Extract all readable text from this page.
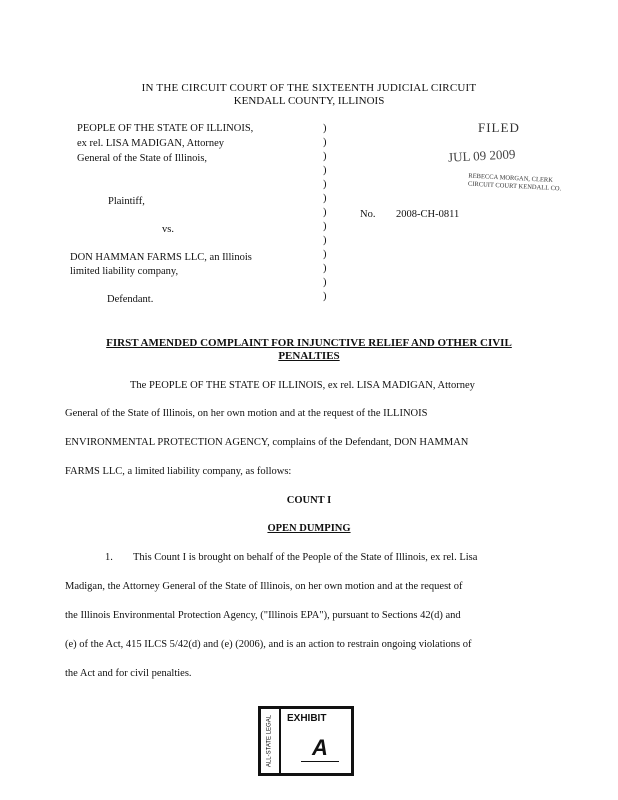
IN THE CIRCUIT COURT OF THE SIXTEENTH JUDICIAL CIRCUIT
KENDALL COUNTY, ILLINOIS
PEOPLE OF THE STATE OF ILLINOIS,
ex rel. LISA MADIGAN, Attorney
General of the State of Illinois,
Plaintiff,
vs.
DON HAMMAN FARMS LLC, an Illinois
limited liability company,
Defendant.
)
)
)
)
)
)
)
)
)
)
)
)
)
No. 2008-CH-0811
FILED
JUL 09 2009
REBECCA MORGAN, CLERK
CIRCUIT COURT KENDALL CO.
FIRST AMENDED COMPLAINT FOR INJUNCTIVE RELIEF AND OTHER CIVIL
PENALTIES
The PEOPLE OF THE STATE OF ILLINOIS, ex rel. LISA MADIGAN, Attorney
General of the State of Illinois, on her own motion and at the request of the ILLINOIS
ENVIRONMENTAL PROTECTION AGENCY, complains of the Defendant, DON HAMMAN
FARMS LLC, a limited liability company, as follows:
COUNT I
OPEN DUMPING
1. This Count I is brought on behalf of the People of the State of Illinois, ex rel. Lisa
Madigan, the Attorney General of the State of Illinois, on her own motion and at the request of
the Illinois Environmental Protection Agency, ("Illinois EPA"), pursuant to Sections 42(d) and
(e) of the Act, 415 ILCS 5/42(d) and (e) (2006), and is an action to restrain ongoing violations of
the Act and for civil penalties.
ALL-STATE LEGAL EXHIBIT
A
